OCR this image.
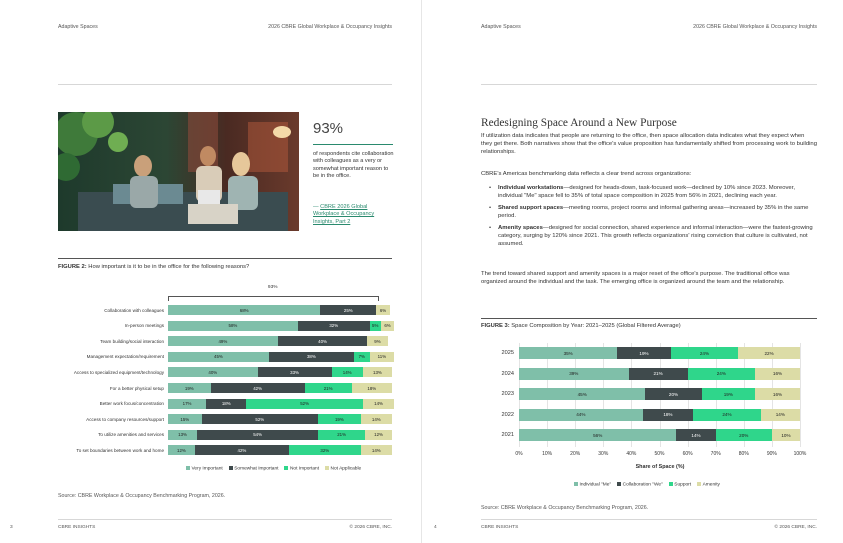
Adaptive Spaces	2026 CBRE Global Workplace & Occupancy Insights
93%
of respondents cite collaboration with colleagues as a very or somewhat important reason to be in the office.
— CBRE 2026 Global Workplace & Occupancy Insights, Part 2
FIGURE 2: How important is it to be in the office for the following reasons?
93%
Collaboration with colleagues	68%	25%	6%
In-person meetings	58%	32%	5%	6%
Team building/social interaction	49%	40%	9%
Management expectation/requirement	45%	38%	7%	11%
Access to specialized equipment/technology	40%	33%	14%	13%
For a better physical setup	19%	42%	21%	18%
Better work focus/concentration	17%	18%	52%	14%
Access to company resources/support	15%	52%	19%	14%
To utilize amenities and services	13%	54%	21%	12%
To set boundaries between work and home	12%	42%	32%	14%
Very Important	Somewhat Important	Not Important	Not Applicable
Source: CBRE Workplace & Occupancy Benchmarking Program, 2026.
3	CBRE INSIGHTS	© 2026 CBRE, INC.
Adaptive Spaces	2026 CBRE Global Workplace & Occupancy Insights
Redesigning Space Around a New Purpose
If utilization data indicates that people are returning to the office, then space allocation data indicates what they expect when they get there. Both narratives show that the office's value proposition has fundamentally shifted from processing work to building relationships.
CBRE's Americas benchmarking data reflects a clear trend across organizations:
• Individual workstations—designed for heads-down, task-focused work—declined by 10% since 2023. Moreover, individual "Me" space fell to 35% of total space composition in 2025 from 56% in 2021, declining each year.
• Shared support spaces—meeting rooms, project rooms and informal gathering areas—increased by 35% in the same period.
• Amenity spaces—designed for social connection, shared experience and informal interaction—were the fastest-growing category, surging by 120% since 2021. This growth reflects organizations' rising conviction that culture is cultivated, not assumed.
The trend toward shared support and amenity spaces is a major reset of the office's purpose. The traditional office was organized around the individual and the task. The emerging office is organized around the team and the relationship.
FIGURE 3: Space Composition by Year: 2021–2025 (Global Filtered Average)
0%	10%	20%	30%	40%	50%	60%	70%	80%	90%	100%
2025	35%	19%	24%	22%
2024	39%	21%	24%	16%
2023	45%	20%	19%	16%
2022	44%	18%	24%	14%
2021	56%	14%	20%	10%
Share of Space (%)
Individual "Me"	Collaboration "We"	Support	Amenity
Source: CBRE Workplace & Occupancy Benchmarking Program, 2026.
4	CBRE INSIGHTS	© 2026 CBRE, INC.
